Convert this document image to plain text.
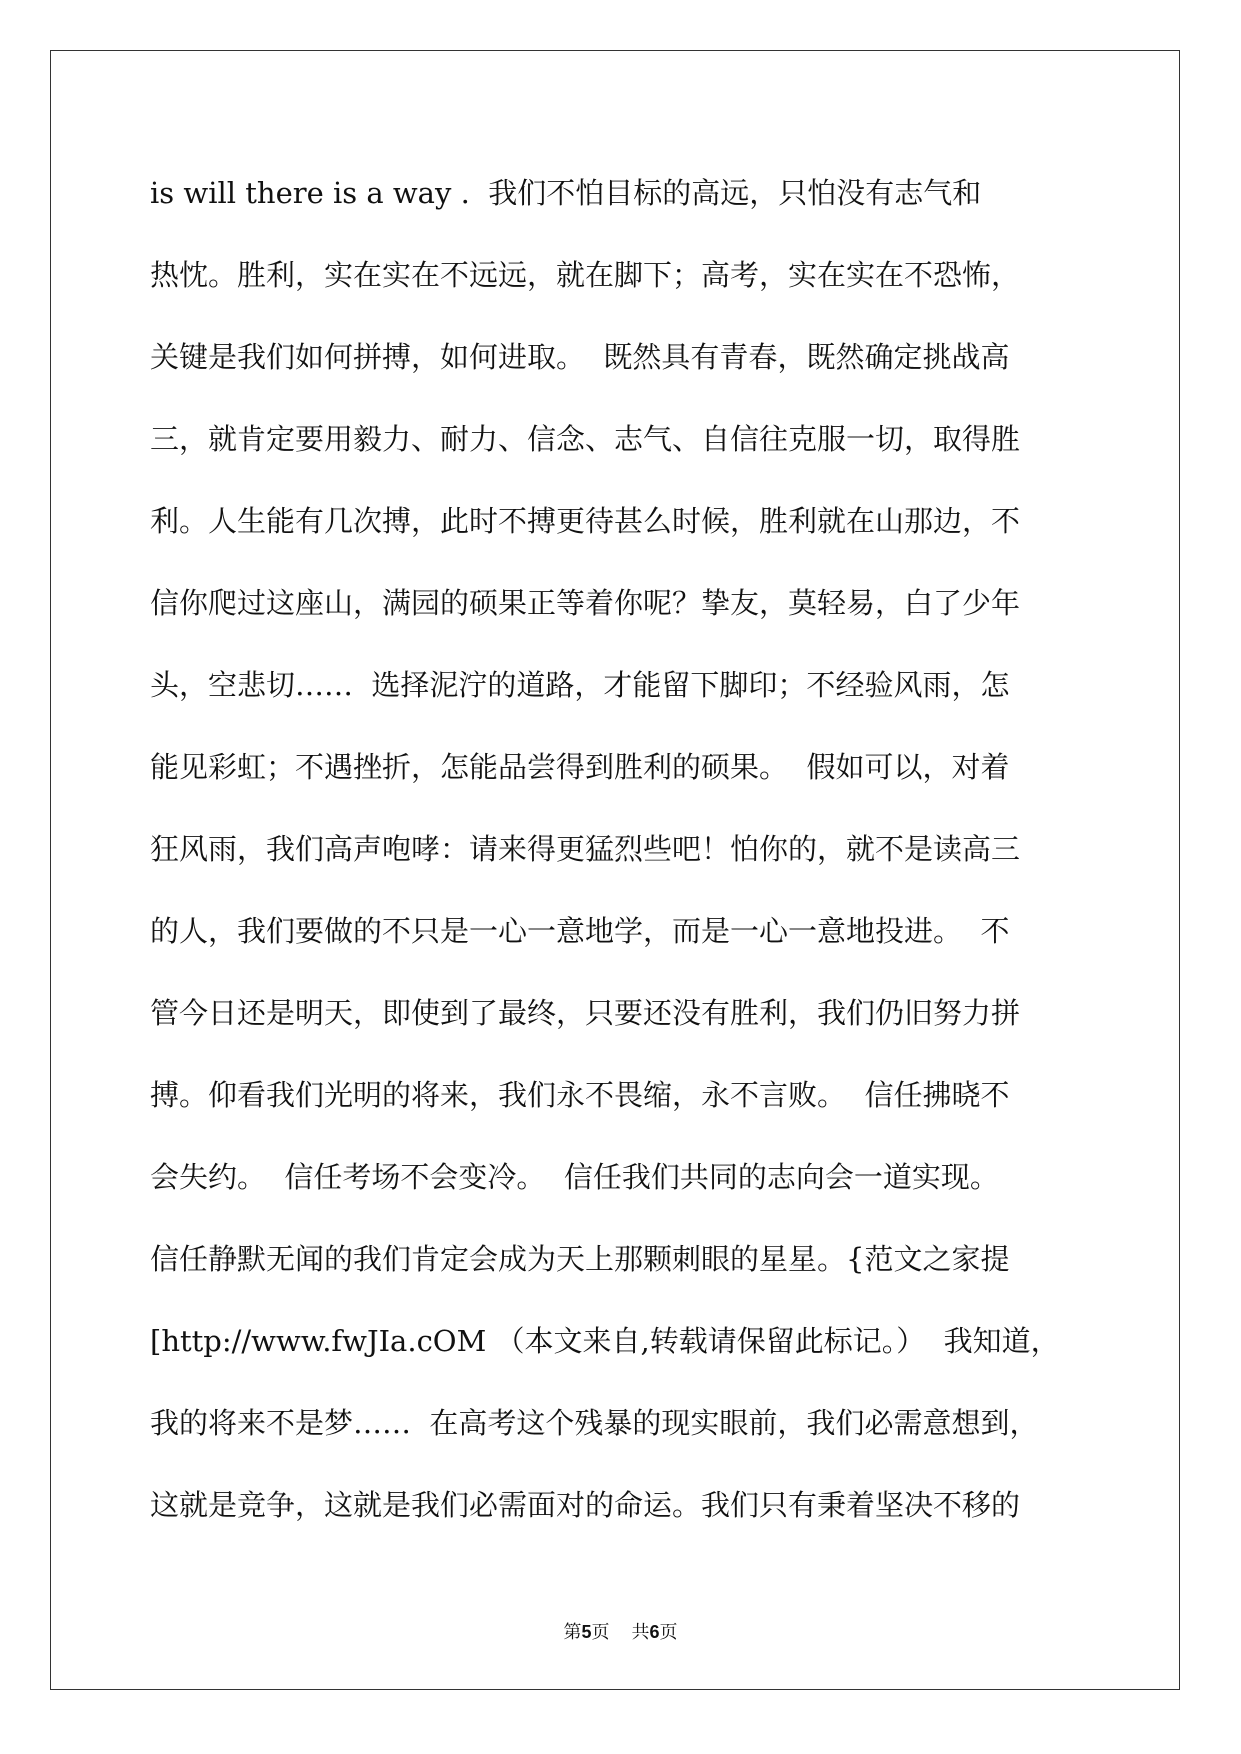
is will there is a way .  我们不怕目标的高远，只怕没有志气和
热忱。胜利，实在实在不远远，就在脚下；高考，实在实在不恐怖，
关键是我们如何拼搏，如何进取。  既然具有青春，既然确定挑战高
三，就肯定要用毅力、耐力、信念、志气、自信往克服一切，取得胜
利。人生能有几次搏，此时不搏更待甚么时候，胜利就在山那边，不
信你爬过这座山，满园的硕果正等着你呢？挚友，莫轻易，白了少年
头，空悲切……  选择泥泞的道路，才能留下脚印；不经验风雨，怎
能见彩虹；不遇挫折，怎能品尝得到胜利的硕果。  假如可以，对着
狂风雨，我们高声咆哮：请来得更猛烈些吧！怕你的，就不是读高三
的人，我们要做的不只是一心一意地学，而是一心一意地投进。  不
管今日还是明天，即使到了最终，只要还没有胜利，我们仍旧努力拼
搏。仰看我们光明的将来，我们永不畏缩，永不言败。  信任拂晓不
会失约。  信任考场不会变冷。  信任我们共同的志向会一道实现。
信任静默无闻的我们肯定会成为天上那颗刺眼的星星。{范文之家提
[http://www.fwJIa.cOM （本文来自,转载请保留此标记。）  我知道，
我的将来不是梦……  在高考这个残暴的现实眼前，我们必需意想到，
这就是竞争，这就是我们必需面对的命运。我们只有秉着坚决不移的
第5页 共6页
